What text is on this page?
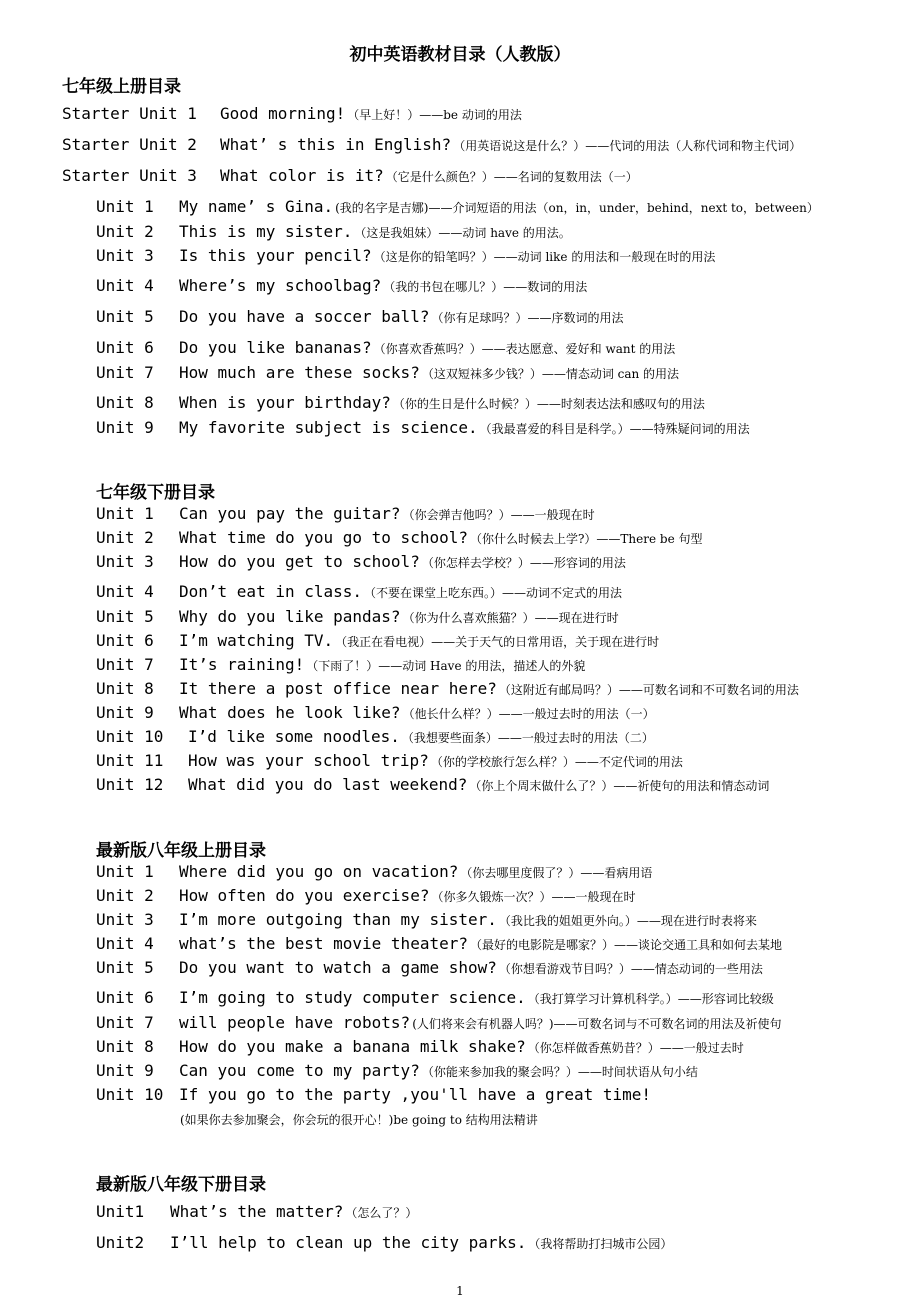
初中英语教材目录（人教版）
七年级上册目录
Starter Unit 1 Good morning! （早上好！）——be 动词的用法
Starter Unit 2 What’ s this in English? （用英语说这是什么？）——代词的用法（人称代词和物主代词）
Starter Unit 3 What color is it? （它是什么颜色？）——名词的复数用法（一）
Unit 1 My name’ s Gina. (我的名字是吉娜)——介词短语的用法（on，in，under，behind，next to，between）
Unit 2 This is my sister. （这是我姐妹）——动词 have 的用法。
Unit 3 Is this your pencil? （这是你的铅笔吗？）——动词 like 的用法和一般现在时的用法
Unit 4 Where’s my schoolbag? （我的书包在哪儿？）——数词的用法
Unit 5 Do you have a soccer ball? （你有足球吗？）——序数词的用法
Unit 6 Do you like bananas? （你喜欢香蕉吗？）——表达愿意、爱好和 want 的用法
Unit 7 How much are these socks? （这双短袜多少钱？）——情态动词 can 的用法
Unit 8 When is your birthday? （你的生日是什么时候？）——时刻表达法和感叹句的用法
Unit 9 My favorite subject is science. （我最喜爱的科目是科学。）——特殊疑问词的用法
七年级下册目录
Unit 1 Can you pay the guitar? （你会弹吉他吗？）——一般现在时
Unit 2 What time do you go to school? （你什么时候去上学?）——There be 句型
Unit 3 How do you get to school? （你怎样去学校？）——形容词的用法
Unit 4 Don’t eat in class. （不要在课堂上吃东西。）——动词不定式的用法
Unit 5 Why do you like pandas? （你为什么喜欢熊猫？）——现在进行时
Unit 6 I’m watching TV. （我正在看电视）——关于天气的日常用语，关于现在进行时
Unit 7 It’s raining! （下雨了！）——动词 Have 的用法，描述人的外貌
Unit 8 It there a post office near here? （这附近有邮局吗？）——可数名词和不可数名词的用法
Unit 9 What does he look like? （他长什么样？）——一般过去时的用法（一）
Unit 10 I’d like some noodles. （我想要些面条）——一般过去时的用法（二）
Unit 11 How was your school trip? （你的学校旅行怎么样？）——不定代词的用法
Unit 12 What did you do last weekend? （你上个周末做什么了？）——祈使句的用法和情态动词
最新版八年级上册目录
Unit 1 Where did you go on vacation? （你去哪里度假了？）——看病用语
Unit 2 How often do you exercise? （你多久锻炼一次？）——一般现在时
Unit 3 I’m more outgoing than my sister. （我比我的姐姐更外向。）——现在进行时表将来
Unit 4 what’s the best movie theater? （最好的电影院是哪家？）——谈论交通工具和如何去某地
Unit 5 Do you want to watch a game show? （你想看游戏节目吗？）——情态动词的一些用法
Unit 6 I’m going to study computer science. （我打算学习计算机科学。）——形容词比较级
Unit 7 will people have robots? (人们将来会有机器人吗？)——可数名词与不可数名词的用法及祈使句
Unit 8 How do you make a banana milk shake? （你怎样做香蕉奶昔？）——一般过去时
Unit 9 Can you come to my party? （你能来参加我的聚会吗？）——时间状语从句小结
Unit 10 If you go to the party ,you'll have a great time!
(如果你去参加聚会，你会玩的很开心！)be going to 结构用法精讲
最新版八年级下册目录
Unit1 What’s the matter? （怎么了？）
Unit2 I’ll help to clean up the city parks. （我将帮助打扫城市公园）
1
